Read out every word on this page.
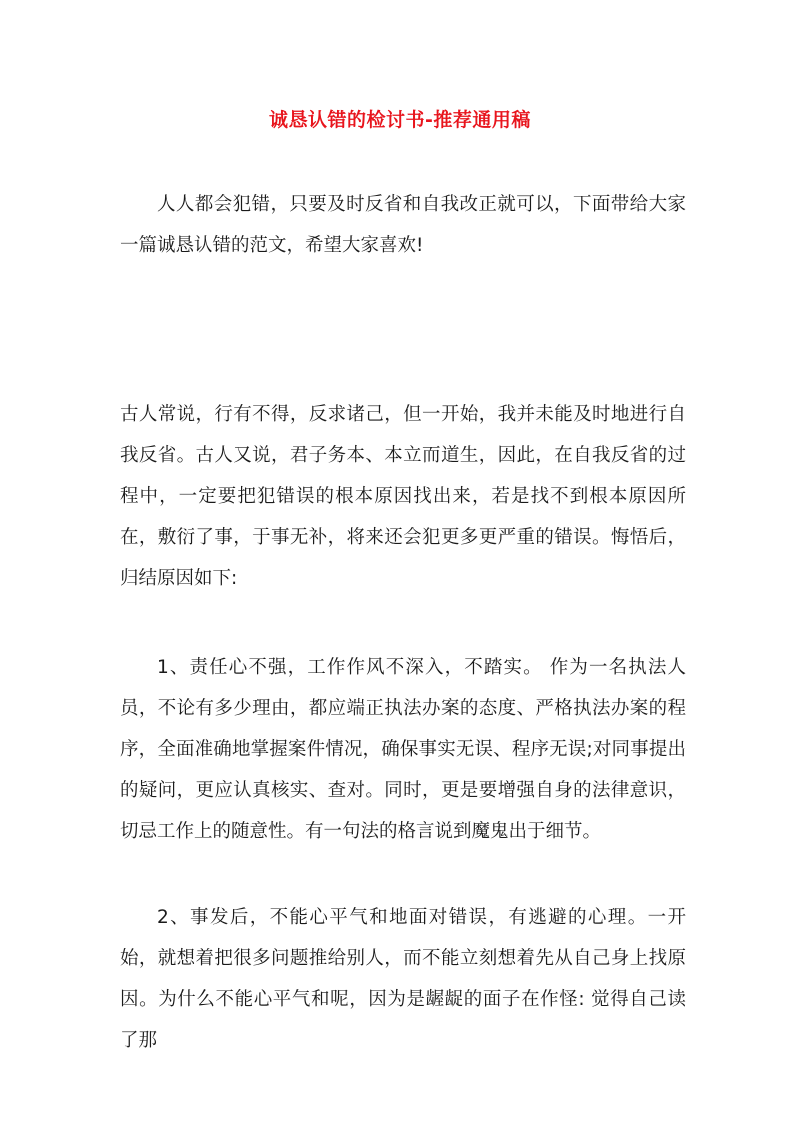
诚恳认错的检讨书-推荐通用稿

人人都会犯错，只要及时反省和自我改正就可以，下面带给大家一篇诚恳认错的范文，希望大家喜欢!

古人常说，行有不得，反求诸己，但一开始，我并未能及时地进行自我反省。古人又说，君子务本、本立而道生，因此，在自我反省的过程中，一定要把犯错误的根本原因找出来，若是找不到根本原因所在，敷衍了事，于事无补，将来还会犯更多更严重的错误。悔悟后，归结原因如下:

1、责任心不强，工作作风不深入，不踏实。 作为一名执法人员，不论有多少理由，都应端正执法办案的态度、严格执法办案的程序，全面准确地掌握案件情况，确保事实无误、程序无误;对同事提出的疑问，更应认真核实、查对。同时，更是要增强自身的法律意识，切忌工作上的随意性。有一句法的格言说到魔鬼出于细节。

2、事发后，不能心平气和地面对错误，有逃避的心理。一开始，就想着把很多问题推给别人，而不能立刻想着先从自己身上找原因。为什么不能心平气和呢，因为是龌龊的面子在作怪: 觉得自己读了那
